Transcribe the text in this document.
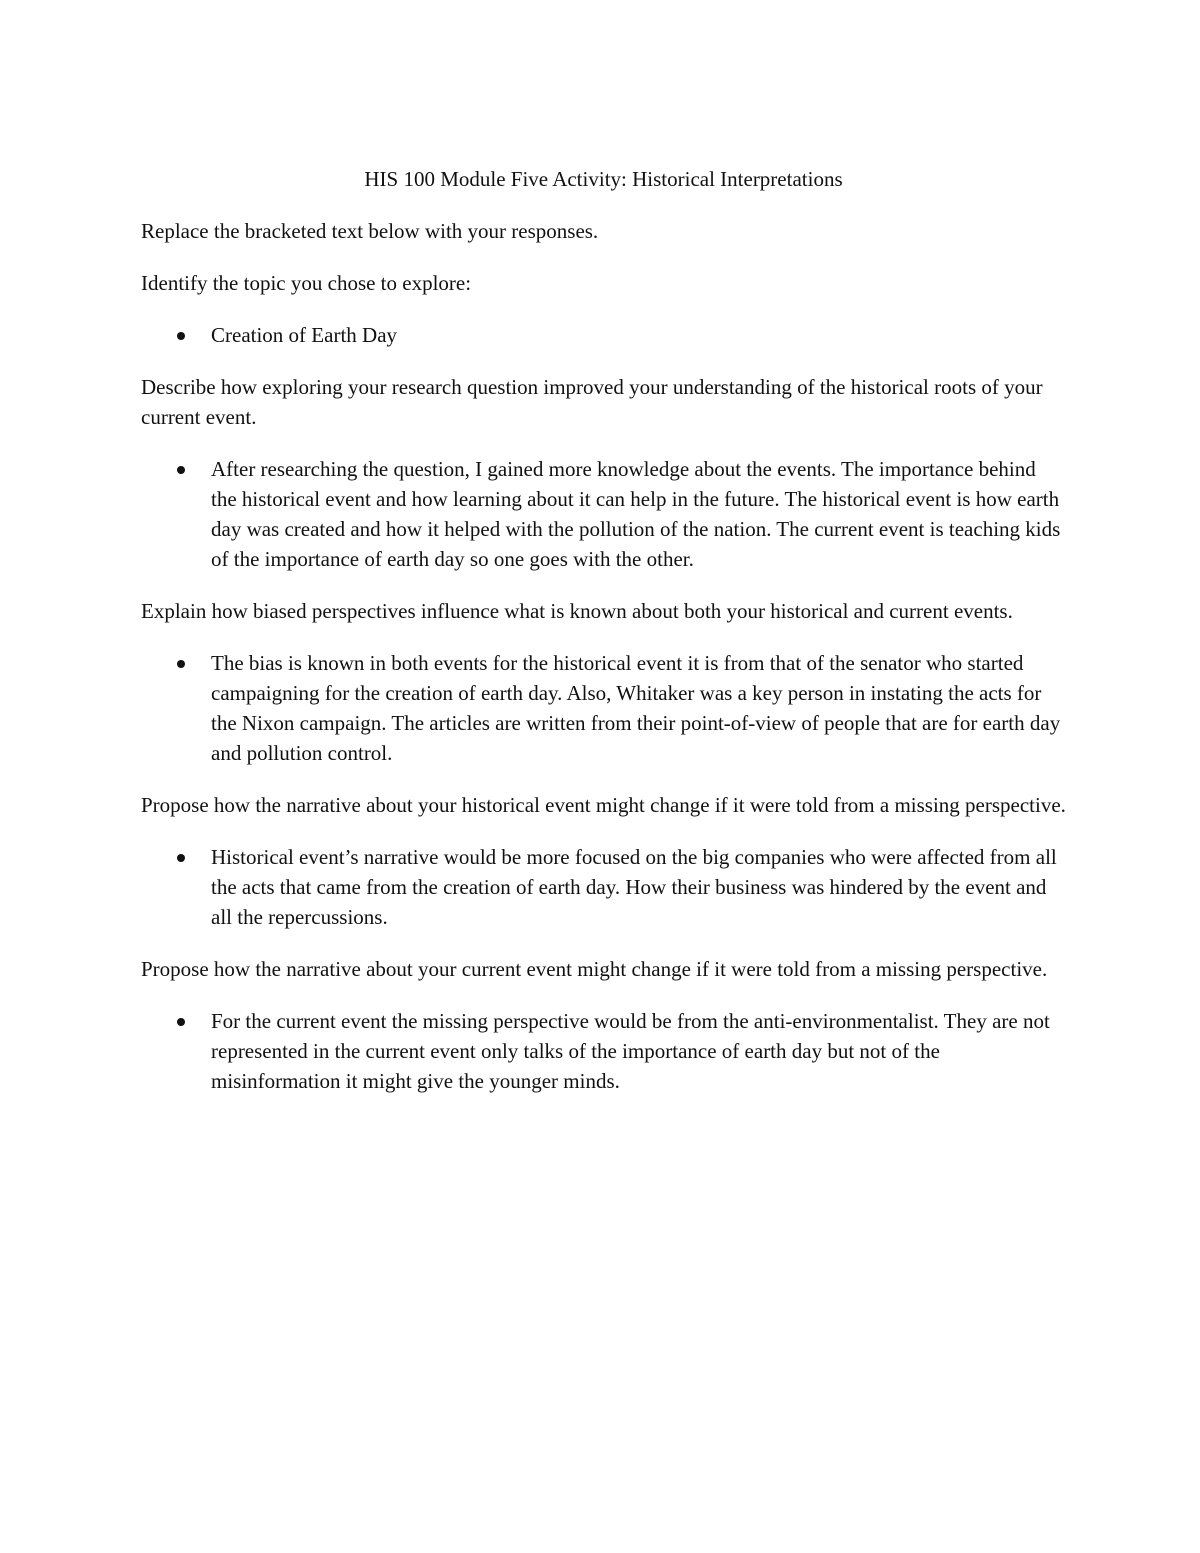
HIS 100 Module Five Activity: Historical Interpretations

Replace the bracketed text below with your responses.

Identify the topic you chose to explore:

Creation of Earth Day

Describe how exploring your research question improved your understanding of the historical roots of your current event.

After researching the question, I gained more knowledge about the events. The importance behind the historical event and how learning about it can help in the future. The historical event is how earth day was created and how it helped with the pollution of the nation. The current event is teaching kids of the importance of earth day so one goes with the other.

Explain how biased perspectives influence what is known about both your historical and current events.

The bias is known in both events for the historical event it is from that of the senator who started campaigning for the creation of earth day. Also, Whitaker was a key person in instating the acts for the Nixon campaign. The articles are written from their point-of-view of people that are for earth day and pollution control.

Propose how the narrative about your historical event might change if it were told from a missing perspective.

Historical event’s narrative would be more focused on the big companies who were affected from all the acts that came from the creation of earth day. How their business was hindered by the event and all the repercussions.

Propose how the narrative about your current event might change if it were told from a missing perspective.

For the current event the missing perspective would be from the anti-environmentalist. They are not represented in the current event only talks of the importance of earth day but not of the misinformation it might give the younger minds.
